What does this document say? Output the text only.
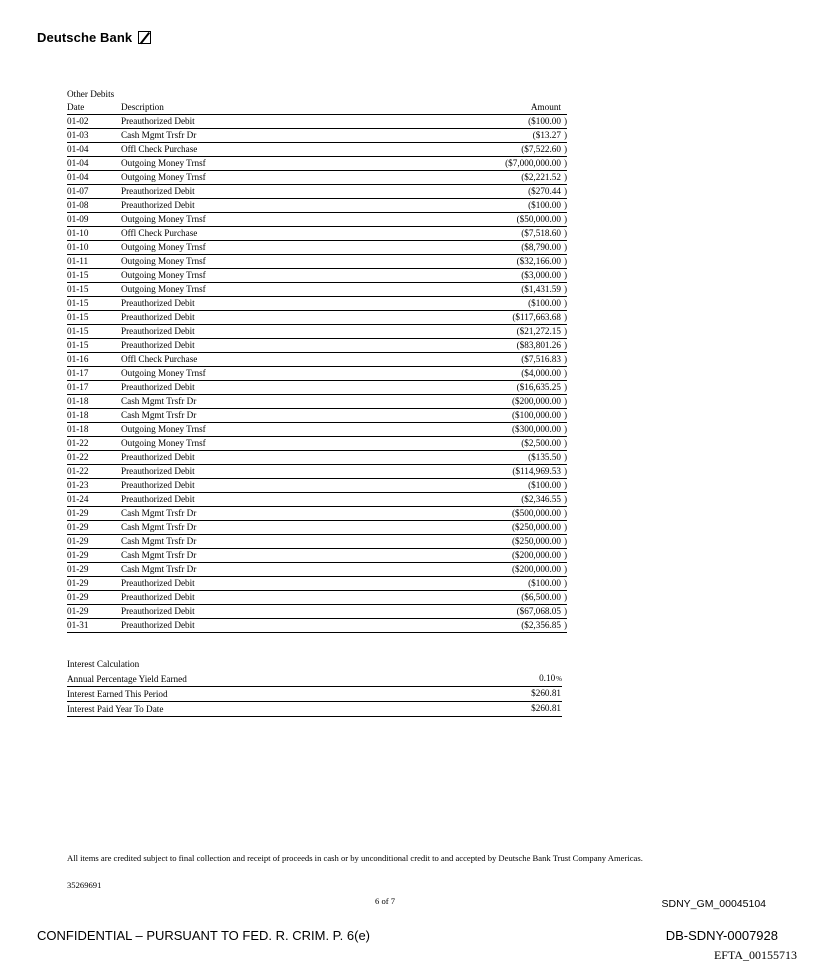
Deutsche Bank
Other Debits
Date	Description	Amount
01-02	Preauthorized Debit	($100.00 )
01-03	Cash Mgmt Trsfr Dr	($13.27 )
01-04	Offl Check Purchase	($7,522.60 )
01-04	Outgoing Money Trnsf	($7,000,000.00 )
01-04	Outgoing Money Trnsf	($2,221.52 )
01-07	Preauthorized Debit	($270.44 )
01-08	Preauthorized Debit	($100.00 )
01-09	Outgoing Money Trnsf	($50,000.00 )
01-10	Offl Check Purchase	($7,518.60 )
01-10	Outgoing Money Trnsf	($8,790.00 )
01-11	Outgoing Money Trnsf	($32,166.00 )
01-15	Outgoing Money Trnsf	($3,000.00 )
01-15	Outgoing Money Trnsf	($1,431.59 )
01-15	Preauthorized Debit	($100.00 )
01-15	Preauthorized Debit	($117,663.68 )
01-15	Preauthorized Debit	($21,272.15 )
01-15	Preauthorized Debit	($83,801.26 )
01-16	Offl Check Purchase	($7,516.83 )
01-17	Outgoing Money Trnsf	($4,000.00 )
01-17	Preauthorized Debit	($16,635.25 )
01-18	Cash Mgmt Trsfr Dr	($200,000.00 )
01-18	Cash Mgmt Trsfr Dr	($100,000.00 )
01-18	Outgoing Money Trnsf	($300,000.00 )
01-22	Outgoing Money Trnsf	($2,500.00 )
01-22	Preauthorized Debit	($135.50 )
01-22	Preauthorized Debit	($114,969.53 )
01-23	Preauthorized Debit	($100.00 )
01-24	Preauthorized Debit	($2,346.55 )
01-29	Cash Mgmt Trsfr Dr	($500,000.00 )
01-29	Cash Mgmt Trsfr Dr	($250,000.00 )
01-29	Cash Mgmt Trsfr Dr	($250,000.00 )
01-29	Cash Mgmt Trsfr Dr	($200,000.00 )
01-29	Cash Mgmt Trsfr Dr	($200,000.00 )
01-29	Preauthorized Debit	($100.00 )
01-29	Preauthorized Debit	($6,500.00 )
01-29	Preauthorized Debit	($67,068.05 )
01-31	Preauthorized Debit	($2,356.85 )
Interest Calculation
Annual Percentage Yield Earned	0.10%
Interest Earned This Period	$260.81
Interest Paid Year To Date	$260.81
All items are credited subject to final collection and receipt of proceeds in cash or by unconditional credit to and accepted by Deutsche Bank Trust Company Americas.
35269691
6 of 7	SDNY_GM_00045104
CONFIDENTIAL – PURSUANT TO FED. R. CRIM. P. 6(e)	DB-SDNY-0007928
EFTA_00155713
